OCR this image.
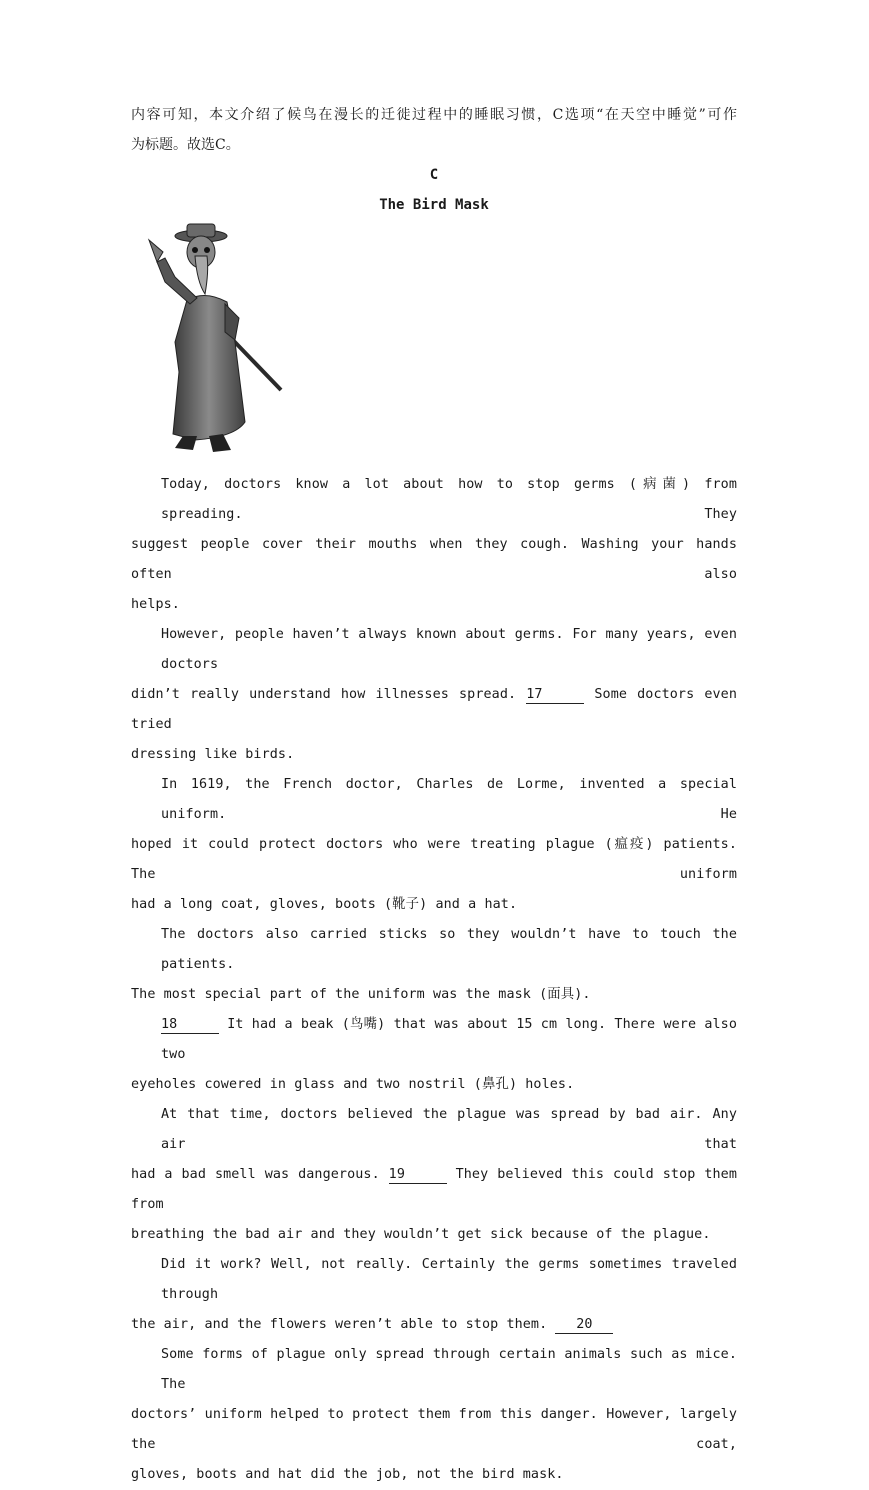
内容可知，本文介绍了候鸟在漫长的迁徙过程中的睡眠习惯，C选项“在天空中睡觉”可作
为标题。故选C。
C
The Bird Mask
Today, doctors know a lot about how to stop germs (病菌) from spreading. They
suggest people cover their mouths when they cough. Washing your hands often also
helps.
However, people haven’t always known about germs. For many years, even doctors
didn’t really understand how illnesses spread. 17	Some doctors even tried
dressing like birds.
In 1619, the French doctor, Charles de Lorme, invented a special uniform. He
hoped it could protect doctors who were treating plague (瘟疫) patients. The uniform
had a long coat, gloves, boots (靴子) and a hat.
The doctors also carried sticks so they wouldn’t have to touch the patients.
The most special part of the uniform was the mask (面具).
18	It had a beak (鸟嘴) that was about 15 cm long. There were also two
eyeholes cowered in glass and two nostril (鼻孔) holes.
At that time, doctors believed the plague was spread by bad air. Any air that
had a bad smell was dangerous. 19	They believed this could stop them from
breathing the bad air and they wouldn’t get sick because of the plague.
Did it work? Well, not really. Certainly the germs sometimes traveled through
the air, and the flowers weren’t able to stop them. 20
Some forms of plague only spread through certain animals such as mice. The
doctors’ uniform helped to protect them from this danger. However, largely the coat,
gloves, boots and hat did the job, not the bird mask.
